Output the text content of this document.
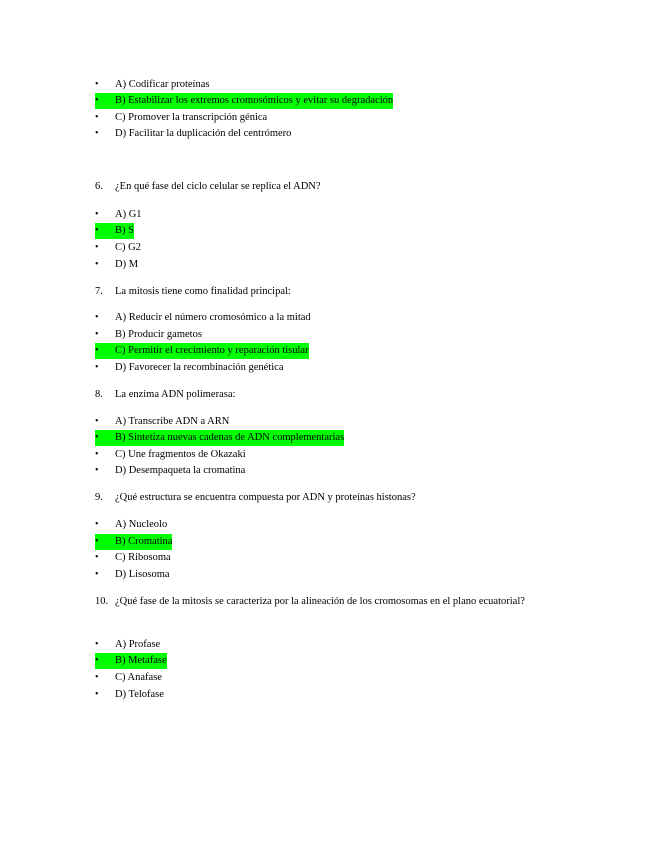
•	A) Codificar proteínas
B) Estabilizar los extremos cromosómicos y evitar su degradación
•
•	C) Promover la transcripción génica
•	D) Facilitar la duplicación del centrómero
6. ¿En qué fase del ciclo celular se replica el ADN?
•	A) G1
B) S
•
•	C) G2
•	D) M
7. La mitosis tiene como finalidad principal:
•	A) Reducir el número cromosómico a la mitad
•	B) Producir gametos
C) Permitir el crecimiento y reparación tisular
•
•	D) Favorecer la recombinación genética
8. La enzima ADN polimerasa:
•	A) Transcribe ADN a ARN
B) Sintetiza nuevas cadenas de ADN complementarias
•
•	C) Une fragmentos de Okazaki
•	D) Desempaqueta la cromatina
9. ¿Qué estructura se encuentra compuesta por ADN y proteínas histonas?
•	A) Nucleolo
B) Cromatina
•
•	C) Ribosoma
•	D) Lisosoma
10. ¿Qué fase de la mitosis se caracteriza por la alineación de los cromosomas en el plano ecuatorial?
•	A) Profase
B) Metafase
•
•	C) Anafase
•	D) Telofase
